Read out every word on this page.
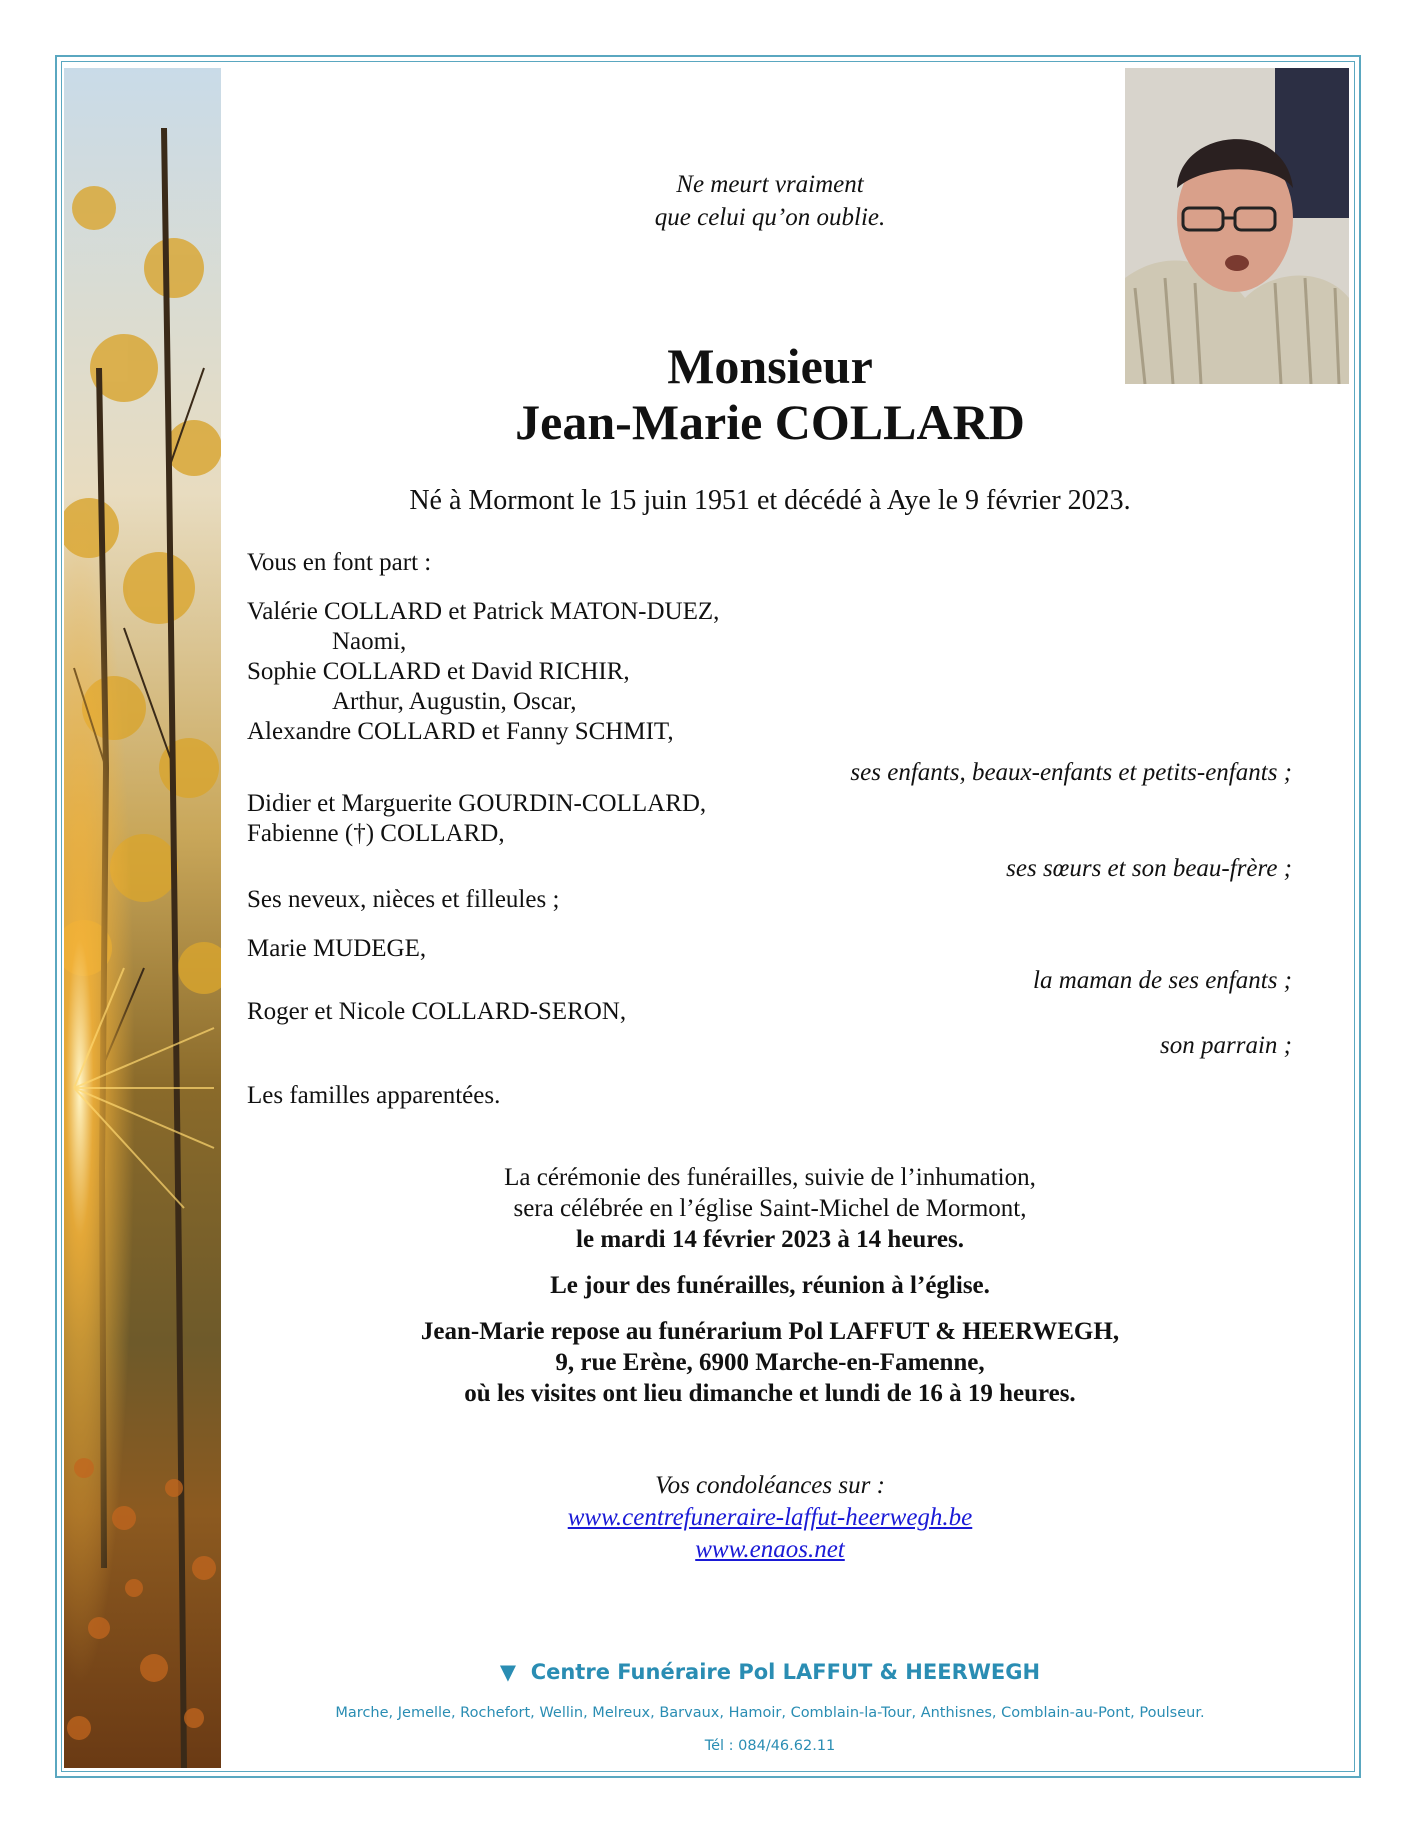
Ne meurt vraiment
que celui qu’on oublie.
Monsieur
Jean-Marie COLLARD
Né à Mormont le 15 juin 1951 et décédé à Aye le 9 février 2023.
Vous en font part :
Valérie COLLARD et Patrick MATON-DUEZ,
Naomi,
Sophie COLLARD et David RICHIR,
Arthur, Augustin, Oscar,
Alexandre COLLARD et Fanny SCHMIT,
ses enfants, beaux-enfants et petits-enfants ;
Didier et Marguerite GOURDIN-COLLARD,
Fabienne (†) COLLARD,
ses sœurs et son beau-frère ;
Ses neveux, nièces et filleules ;
Marie MUDEGE,
la maman de ses enfants ;
Roger et Nicole COLLARD-SERON,
son parrain ;
Les familles apparentées.
La cérémonie des funérailles, suivie de l’inhumation,
sera célébrée en l’église Saint-Michel de Mormont,
le mardi 14 février 2023 à 14 heures.
Le jour des funérailles, réunion à l’église.
Jean-Marie repose au funérarium Pol LAFFUT & HEERWEGH,
9, rue Erène, 6900 Marche-en-Famenne,
où les visites ont lieu dimanche et lundi de 16 à 19 heures.
Vos condoléances sur :
www.centrefuneraire-laffut-heerwegh.be
www.enaos.net
▼ Centre Funéraire Pol LAFFUT & HEERWEGH
Marche, Jemelle, Rochefort, Wellin, Melreux, Barvaux, Hamoir, Comblain-la-Tour, Anthisnes, Comblain-au-Pont, Poulseur.
Tél : 084/46.62.11
